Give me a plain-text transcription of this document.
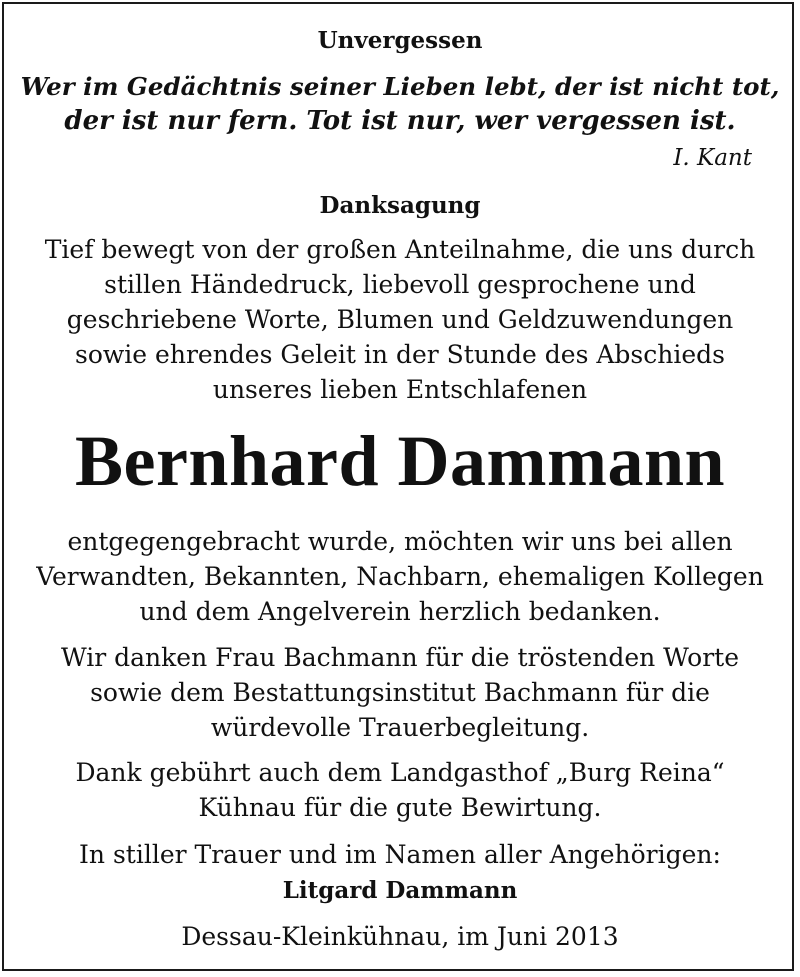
Unvergessen
Wer im Gedächtnis seiner Lieben lebt, der ist nicht tot,
der ist nur fern. Tot ist nur, wer vergessen ist.
I. Kant
Danksagung
Tief bewegt von der großen Anteilnahme, die uns durch
stillen Händedruck, liebevoll gesprochene und
geschriebene Worte, Blumen und Geldzuwendungen
sowie ehrendes Geleit in der Stunde des Abschieds
unseres lieben Entschlafenen
Bernhard Dammann
entgegengebracht wurde, möchten wir uns bei allen
Verwandten, Bekannten, Nachbarn, ehemaligen Kollegen
und dem Angelverein herzlich bedanken.
Wir danken Frau Bachmann für die tröstenden Worte
sowie dem Bestattungsinstitut Bachmann für die
würdevolle Trauerbegleitung.
Dank gebührt auch dem Landgasthof „Burg Reina“
Kühnau für die gute Bewirtung.
In stiller Trauer und im Namen aller Angehörigen:
Litgard Dammann
Dessau-Kleinkühnau, im Juni 2013
